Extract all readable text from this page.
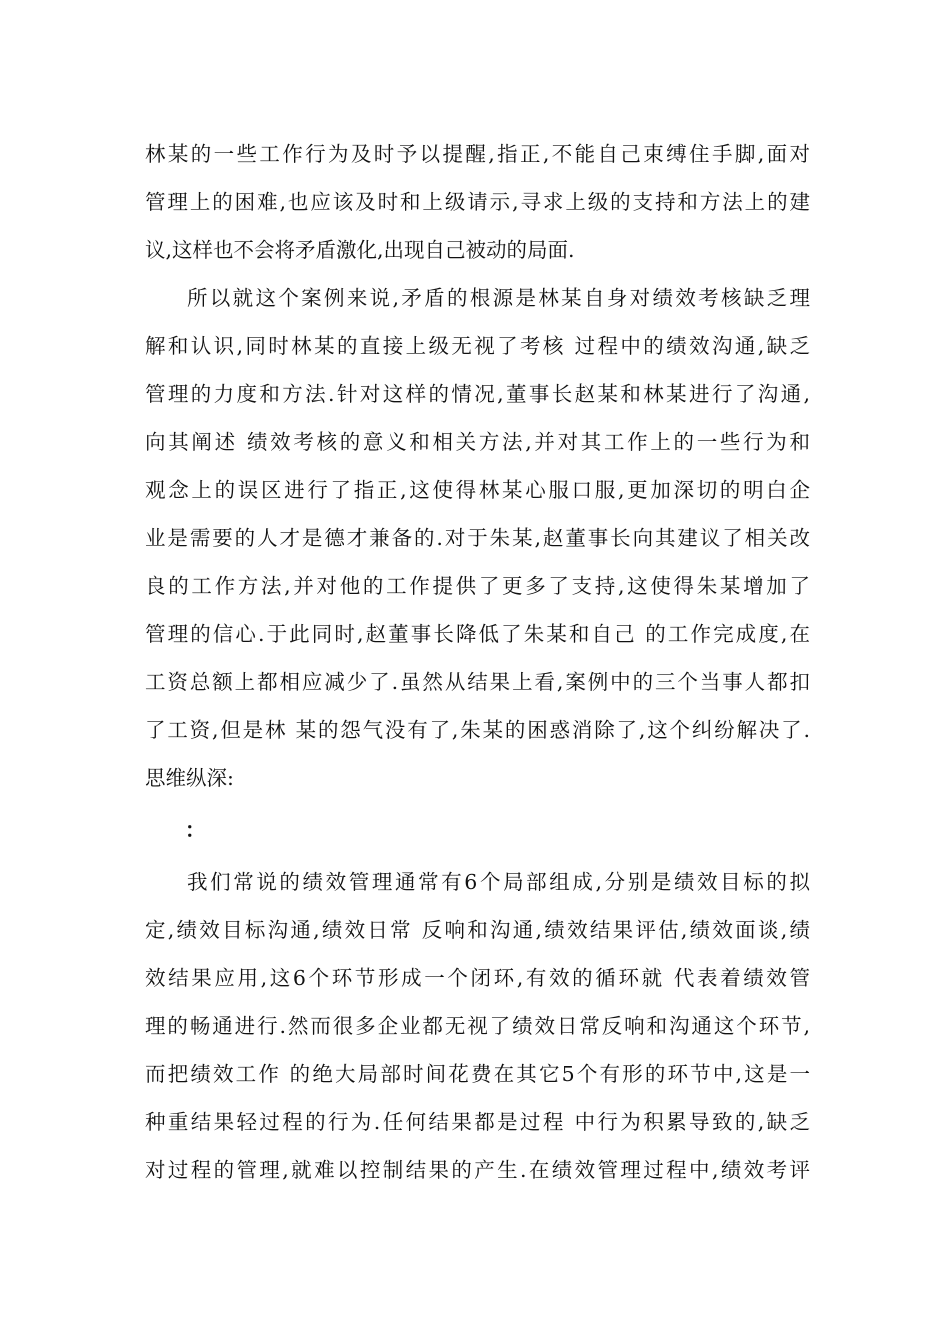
林某的一些工作行为及时予以提醒,指正,不能自己束缚住手脚,面对
管理上的困难,也应该及时和上级请示,寻求上级的支持和方法上的建
议,这样也不会将矛盾激化,出现自己被动的局面.
所以就这个案例来说,矛盾的根源是林某自身对绩效考核缺乏理
解和认识,同时林某的直接上级无视了考核 过程中的绩效沟通,缺乏
管理的力度和方法.针对这样的情况,董事长赵某和林某进行了沟通,
向其阐述 绩效考核的意义和相关方法,并对其工作上的一些行为和
观念上的误区进行了指正,这使得林某心服口服,更加深切的明白企
业是需要的人才是德才兼备的.对于朱某,赵董事长向其建议了相关改
良的工作方法,并对他的工作提供了更多了支持,这使得朱某增加了
管理的信心.于此同时,赵董事长降低了朱某和自己 的工作完成度,在
工资总额上都相应减少了.虽然从结果上看,案例中的三个当事人都扣
了工资,但是林 某的怨气没有了,朱某的困惑消除了,这个纠纷解决了.
思维纵深:
：
我们常说的绩效管理通常有6个局部组成,分别是绩效目标的拟
定,绩效目标沟通,绩效日常 反响和沟通,绩效结果评估,绩效面谈,绩
效结果应用,这6个环节形成一个闭环,有效的循环就 代表着绩效管
理的畅通进行.然而很多企业都无视了绩效日常反响和沟通这个环节,
而把绩效工作 的绝大局部时间花费在其它5个有形的环节中,这是一
种重结果轻过程的行为.任何结果都是过程 中行为积累导致的,缺乏
对过程的管理,就难以控制结果的产生.在绩效管理过程中,绩效考评
